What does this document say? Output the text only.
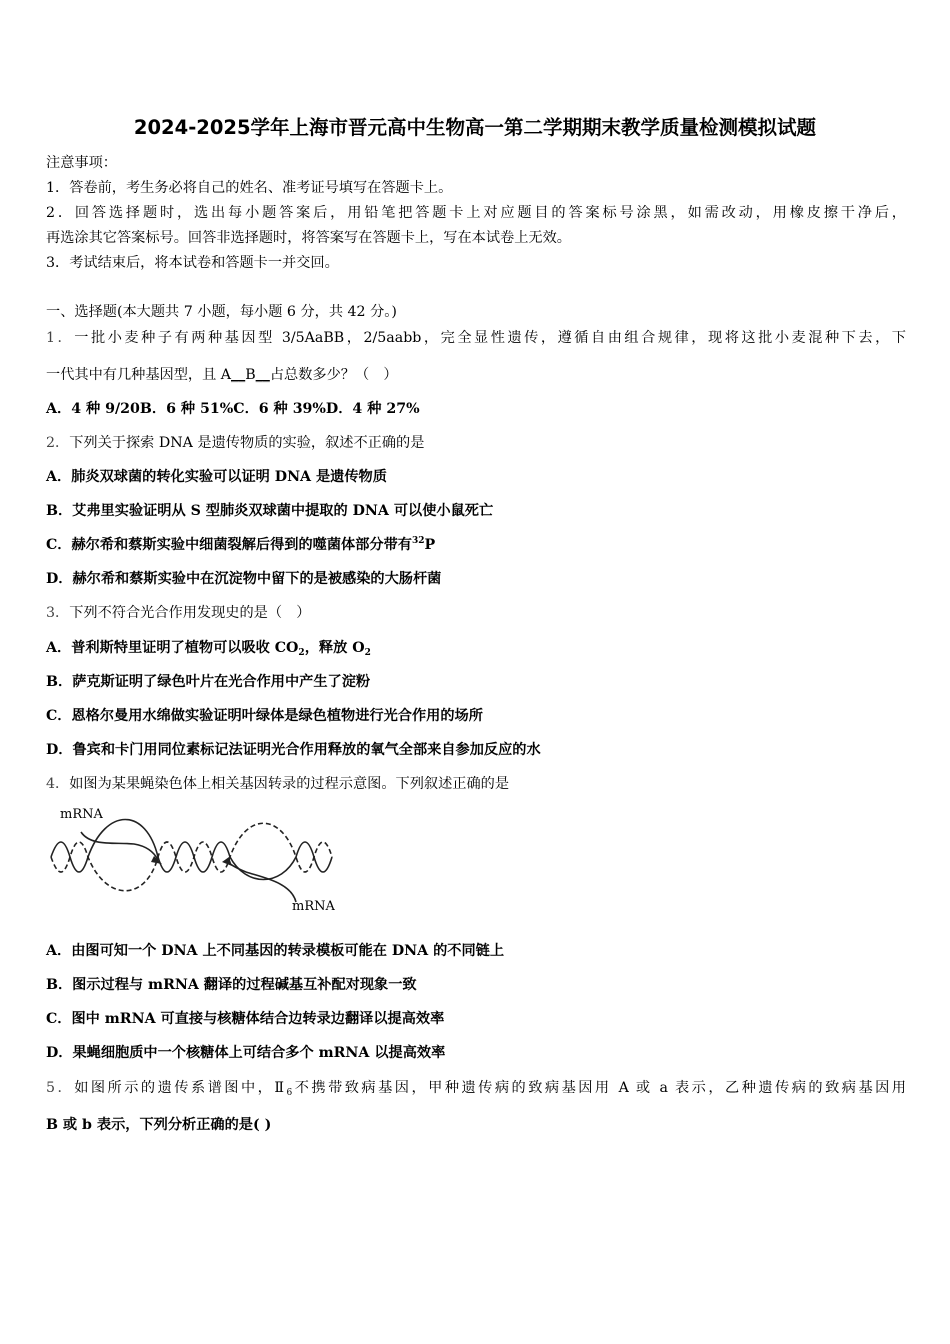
2024-2025学年上海市晋元高中生物高一第二学期期末教学质量检测模拟试题
注意事项：
1．答卷前，考生务必将自己的姓名、准考证号填写在答题卡上。
2．回答选择题时，选出每小题答案后，用铅笔把答题卡上对应题目的答案标号涂黑，如需改动，用橡皮擦干净后，
再选涂其它答案标号。回答非选择题时，将答案写在答题卡上，写在本试卷上无效。
3．考试结束后，将本试卷和答题卡一并交回。
一、选择题(本大题共 7 小题，每小题 6 分，共 42 分。)
1．一批小麦种子有两种基因型 3/5AaBB，2/5aabb，完全显性遗传，遵循自由组合规律，现将这批小麦混种下去，下
一代其中有几种基因型，且 A__B__占总数多少？（　）
A．4 种 9/20B．6 种 51%C．6 种 39%D．4 种 27%
2．下列关于探索 DNA 是遗传物质的实验，叙述不正确的是
A．肺炎双球菌的转化实验可以证明 DNA 是遗传物质
B．艾弗里实验证明从 S 型肺炎双球菌中提取的 DNA 可以使小鼠死亡
C．赫尔希和蔡斯实验中细菌裂解后得到的噬菌体部分带有$^{32}$P
D．赫尔希和蔡斯实验中在沉淀物中留下的是被感染的大肠杆菌
3．下列不符合光合作用发现史的是（　）
A．普利斯特里证明了植物可以吸收 $CO_2$，释放 $O_2$
B．萨克斯证明了绿色叶片在光合作用中产生了淀粉
C．恩格尔曼用水绵做实验证明叶绿体是绿色植物进行光合作用的场所
D．鲁宾和卡门用同位素标记法证明光合作用释放的氧气全部来自参加反应的水
4．如图为某果蝇染色体上相关基因转录的过程示意图。下列叙述正确的是
mRNA
mRNA
A．由图可知一个 DNA 上不同基因的转录模板可能在 DNA 的不同链上
B．图示过程与 mRNA 翻译的过程碱基互补配对现象一致
C．图中 mRNA 可直接与核糖体结合边转录边翻译以提高效率
D．果蝇细胞质中一个核糖体上可结合多个 mRNA 以提高效率
5．如图所示的遗传系谱图中，$Ⅱ_6$不携带致病基因，甲种遗传病的致病基因用 A 或 a 表示，乙种遗传病的致病基因用
B 或 b 表示，下列分析正确的是( )
